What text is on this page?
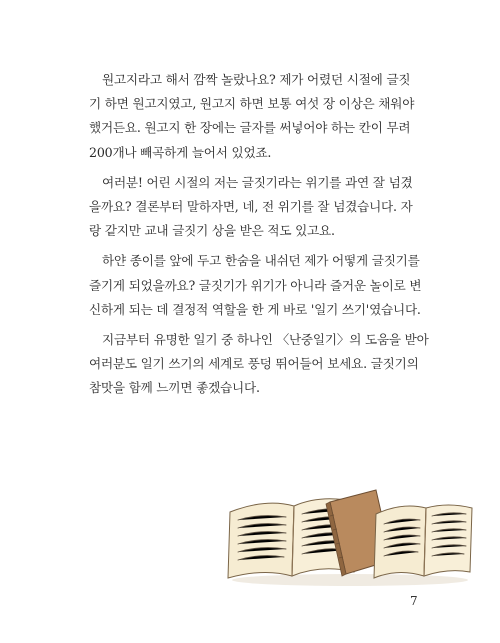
원고지라고 해서 깜짝 놀랐나요? 제가 어렸던 시절에 글짓
기 하면 원고지였고, 원고지 하면 보통 여섯 장 이상은 채워야
했거든요. 원고지 한 장에는 글자를 써넣어야 하는 칸이 무려
200개나 빼곡하게 늘어서 있었죠.
여러분! 어린 시절의 저는 글짓기라는 위기를 과연 잘 넘겼
을까요? 결론부터 말하자면, 네, 전 위기를 잘 넘겼습니다. 자
랑 같지만 교내 글짓기 상을 받은 적도 있고요.
하얀 종이를 앞에 두고 한숨을 내쉬던 제가 어떻게 글짓기를
즐기게 되었을까요? 글짓기가 위기가 아니라 즐거운 놀이로 변
신하게 되는 데 결정적 역할을 한 게 바로 '일기 쓰기'였습니다.
지금부터 유명한 일기 중 하나인 〈난중일기〉의 도움을 받아
여러분도 일기 쓰기의 세계로 풍덩 뛰어들어 보세요. 글짓기의
참맛을 함께 느끼면 좋겠습니다.
7
